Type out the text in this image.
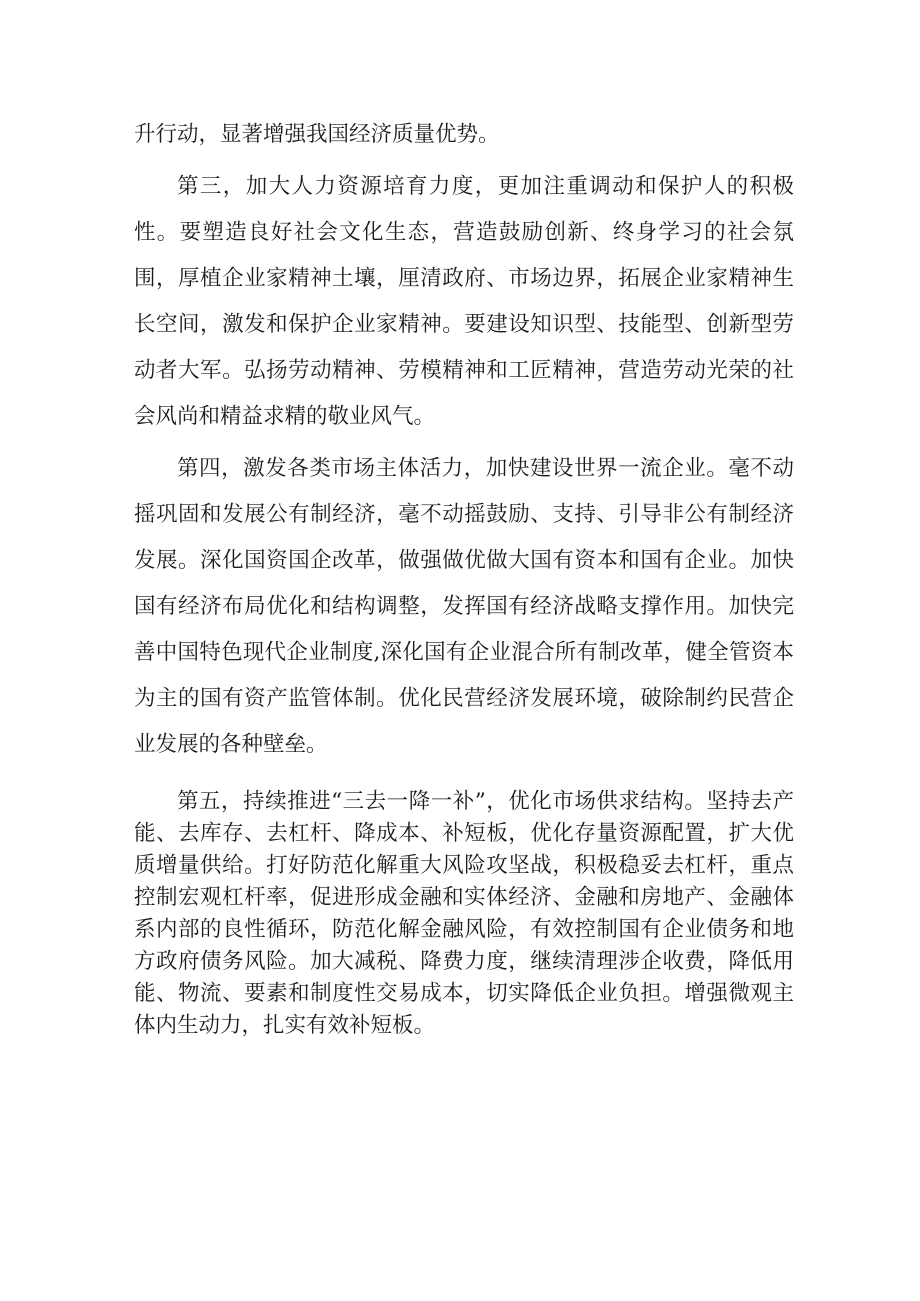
升行动，显著增强我国经济质量优势。

第三，加大人力资源培育力度，更加注重调动和保护人的积极性。要塑造良好社会文化生态，营造鼓励创新、终身学习的社会氛围，厚植企业家精神土壤，厘清政府、市场边界，拓展企业家精神生长空间，激发和保护企业家精神。要建设知识型、技能型、创新型劳动者大军。弘扬劳动精神、劳模精神和工匠精神，营造劳动光荣的社会风尚和精益求精的敬业风气。

第四，激发各类市场主体活力，加快建设世界一流企业。毫不动摇巩固和发展公有制经济，毫不动摇鼓励、支持、引导非公有制经济发展。深化国资国企改革，做强做优做大国有资本和国有企业。加快国有经济布局优化和结构调整，发挥国有经济战略支撑作用。加快完善中国特色现代企业制度,深化国有企业混合所有制改革，健全管资本为主的国有资产监管体制。优化民营经济发展环境，破除制约民营企业发展的各种壁垒。

第五，持续推进“三去一降一补”，优化市场供求结构。坚持去产能、去库存、去杠杆、降成本、补短板，优化存量资源配置，扩大优质增量供给。打好防范化解重大风险攻坚战，积极稳妥去杠杆，重点控制宏观杠杆率，促进形成金融和实体经济、金融和房地产、金融体系内部的良性循环，防范化解金融风险，有效控制国有企业债务和地方政府债务风险。加大减税、降费力度，继续清理涉企收费，降低用能、物流、要素和制度性交易成本，切实降低企业负担。增强微观主体内生动力，扎实有效补短板。
